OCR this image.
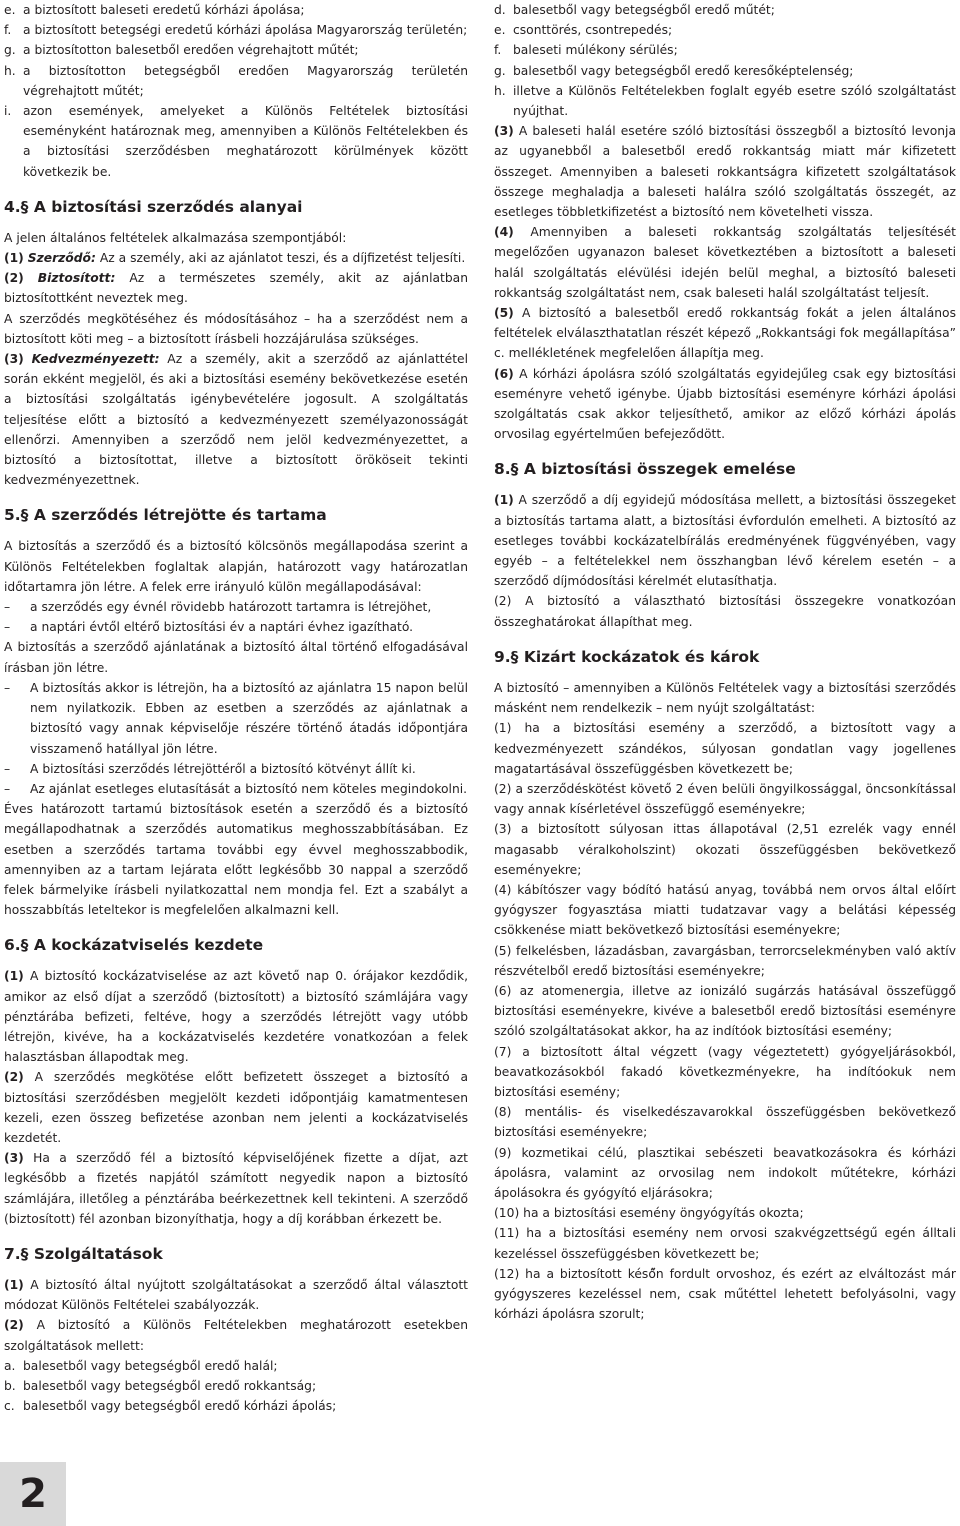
e. a biztosított baleseti eredetű kórházi ápolása;
f. a biztosított betegségi eredetű kórházi ápolása Magyarország területén;
g. a biztosítotton balesetből eredően végrehajtott műtét;
h. a biztosítotton betegségből eredően Magyarország területén végrehajtott műtét;
i. azon események, amelyeket a Különös Feltételek biztosítási eseményként határoznak meg, amennyiben a Különös Feltételekben és a biztosítási szerződésben meghatározott körülmények között következik be.
4.§ A biztosítási szerződés alanyai

A jelen általános feltételek alkalmazása szempontjából:

(1) Szerződő: Az a személy, aki az ajánlatot teszi, és a díjfizetést teljesíti.

(2) Biztosított: Az a természetes személy, akit az ajánlatban biztosítottként neveztek meg.

A szerződés megkötéséhez és módosításához – ha a szerződést nem a biztosított köti meg – a biztosított írásbeli hozzájárulása szükséges.

(3) Kedvezményezett: Az a személy, akit a szerződő az ajánlattétel során ekként megjelöl, és aki a biztosítási esemény bekövetkezése esetén a biztosítási szolgáltatás igénybevételére jogosult. A szolgáltatás teljesítése előtt a biztosító a kedvezményezett személyazonosságát ellenőrzi. Amennyiben a szerződő nem jelöl kedvezményezettet, a biztosító a biztosítottat, illetve a biztosított örököseit tekinti kedvezményezettnek.

5.§ A szerződés létrejötte és tartama

A biztosítás a szerződő és a biztosító kölcsönös megállapodása szerint a Különös Feltételekben foglaltak alapján, határozott vagy határozatlan időtartamra jön létre. A felek erre irányuló külön megállapodásával:

– a szerződés egy évnél rövidebb határozott tartamra is létrejöhet,
– a naptári évtől eltérő biztosítási év a naptári évhez igazítható.

A biztosítás a szerződő ajánlatának a biztosító által történő elfogadásával írásban jön létre.

– A biztosítás akkor is létrejön, ha a biztosító az ajánlatra 15 napon belül nem nyilatkozik. Ebben az esetben a szerződés az ajánlatnak a biztosító vagy annak képviselője részére történő átadás időpontjára visszamenő hatállyal jön létre.
– A biztosítási szerződés létrejöttéről a biztosító kötvényt állít ki.
– Az ajánlat esetleges elutasítását a biztosító nem köteles megindokolni.

Éves határozott tartamú biztosítások esetén a szerződő és a biztosító megállapodhatnak a szerződés automatikus meghosszabbításában. Ez esetben a szerződés tartama további egy évvel meghosszabbodik, amennyiben az a tartam lejárata előtt legkésőbb 30 nappal a szerződő felek bármelyike írásbeli nyilatkozattal nem mondja fel. Ezt a szabályt a hosszabbítás leteltekor is megfelelően alkalmazni kell.

6.§ A kockázatviselés kezdete

(1) A biztosító kockázatviselése az azt követő nap 0. órájakor kezdődik, amikor az első díjat a szerződő (biztosított) a biztosító számlájára vagy pénztárába befizeti, feltéve, hogy a szerződés létrejött vagy utóbb létrejön, kivéve, ha a kockázatviselés kezdetére vonatkozóan a felek halasztásban állapodtak meg.

(2) A szerződés megkötése előtt befizetett összeget a biztosító a biztosítási szerződésben megjelölt kezdeti időpontjáig kamatmentesen kezeli, ezen összeg befizetése azonban nem jelenti a kockázatviselés kezdetét.

(3) Ha a szerződő fél a biztosító képviselőjének fizette a díjat, azt legkésőbb a fizetés napjától számított negyedik napon a biztosító számlájára, illetőleg a pénztárába beérkezettnek kell tekinteni. A szerződő (biztosított) fél azonban bizonyíthatja, hogy a díj korábban érkezett be.

7.§ Szolgáltatások

(1) A biztosító által nyújtott szolgáltatásokat a szerződő által választott módozat Különös Feltételei szabályozzák.

(2) A biztosító a Különös Feltételekben meghatározott esetekben szolgáltatások mellett:

a. balesetből vagy betegségből eredő halál;
b. balesetből vagy betegségből eredő rokkantság;
c. balesetből vagy betegségből eredő kórházi ápolás;
d. balesetből vagy betegségből eredő műtét;
e. csonttörés, csontrepedés;
f. baleseti múlékony sérülés;
g. balesetből vagy betegségből eredő keresőképtelenség;
h. illetve a Különös Feltételekben foglalt egyéb esetre szóló szolgáltatást nyújthat.

(3) A baleseti halál esetére szóló biztosítási összegből a biztosító levonja az ugyanebből a balesetből eredő rokkantság miatt már kifizetett összeget. Amennyiben a baleseti rokkantságra kifizetett szolgáltatások összege meghaladja a baleseti halálra szóló szolgáltatás összegét, az esetleges többletkifizetést a biztosító nem követelheti vissza.

(4) Amennyiben a baleseti rokkantság szolgáltatás teljesítését megelőzően ugyanazon baleset következtében a biztosított a baleseti halál szolgáltatás elévülési idején belül meghal, a biztosító baleseti rokkantság szolgáltatást nem, csak baleseti halál szolgáltatást teljesít.

(5) A biztosító a balesetből eredő rokkantság fokát a jelen általános feltételek elválaszthatatlan részét képező „Rokkantsági fok megállapítása” c. mellékletének megfelelően állapítja meg.

(6) A kórházi ápolásra szóló szolgáltatás egyidejűleg csak egy biztosítási eseményre vehető igénybe. Újabb biztosítási eseményre kórházi ápolási szolgáltatás csak akkor teljesíthető, amikor az előző kórházi ápolás orvosilag egyértelműen befejeződött.

8.§ A biztosítási összegek emelése

(1) A szerződő a díj egyidejű módosítása mellett, a biztosítási összegeket a biztosítás tartama alatt, a biztosítási évfordulón emelheti. A biztosító az esetleges további kockázatelbírálás eredményének függvényében, vagy egyéb – a feltételekkel nem összhangban lévő kérelem esetén – a szerződő díjmódosítási kérelmét elutasíthatja.

(2) A biztosító a választható biztosítási összegekre vonatkozóan összeghatárokat állapíthat meg.

9.§ Kizárt kockázatok és károk

A biztosító – amennyiben a Különös Feltételek vagy a biztosítási szerződés másként nem rendelkezik – nem nyújt szolgáltatást:

(1) ha a biztosítási esemény a szerződő, a biztosított vagy a kedvezményezett szándékos, súlyosan gondatlan vagy jogellenes magatartásával összefüggésben következett be;

(2) a szerződéskötést követő 2 éven belüli öngyilkossággal, öncsonkítással vagy annak kísérletével összefüggő eseményekre;

(3) a biztosított súlyosan ittas állapotával (2,51 ezrelék vagy ennél magasabb véralkoholszint) okozati összefüggésben bekövetkező eseményekre;

(4) kábítószer vagy bódító hatású anyag, továbbá nem orvos által előírt gyógyszer fogyasztása miatti tudatzavar vagy a belátási képesség csökkenése miatt bekövetkező biztosítási eseményekre;

(5) felkelésben, lázadásban, zavargásban, terrorcselekményben való aktív részvételből eredő biztosítási eseményekre;

(6) az atomenergia, illetve az ionizáló sugárzás hatásával összefüggő biztosítási eseményekre, kivéve a balesetből eredő biztosítási eseményre szóló szolgáltatásokat akkor, ha az indítóok biztosítási esemény;

(7) a biztosított által végzett (vagy végeztetett) gyógyeljárásokból, beavatkozásokból fakadó következményekre, ha indítóokuk nem biztosítási esemény;

(8) mentális- és viselkedészavarokkal összefüggésben bekövetkező biztosítási eseményekre;

(9) kozmetikai célú, plasztikai sebészeti beavatkozásokra és kórházi ápolásra, valamint az orvosilag nem indokolt műtétekre, kórházi ápolásokra és gyógyító eljárásokra;

(10) ha a biztosítási esemény öngyógyítás okozta;

(11) ha a biztosítási esemény nem orvosi szakvégzettségű egén álltali kezeléssel összefüggésben következett be;

(12) ha a biztosított késő̋n fordult orvoshoz, és ezért az elváltozást már gyógyszeres kezeléssel nem, csak műtéttel lehetett befolyásolni, vagy kórházi ápolásra szorult;

2
